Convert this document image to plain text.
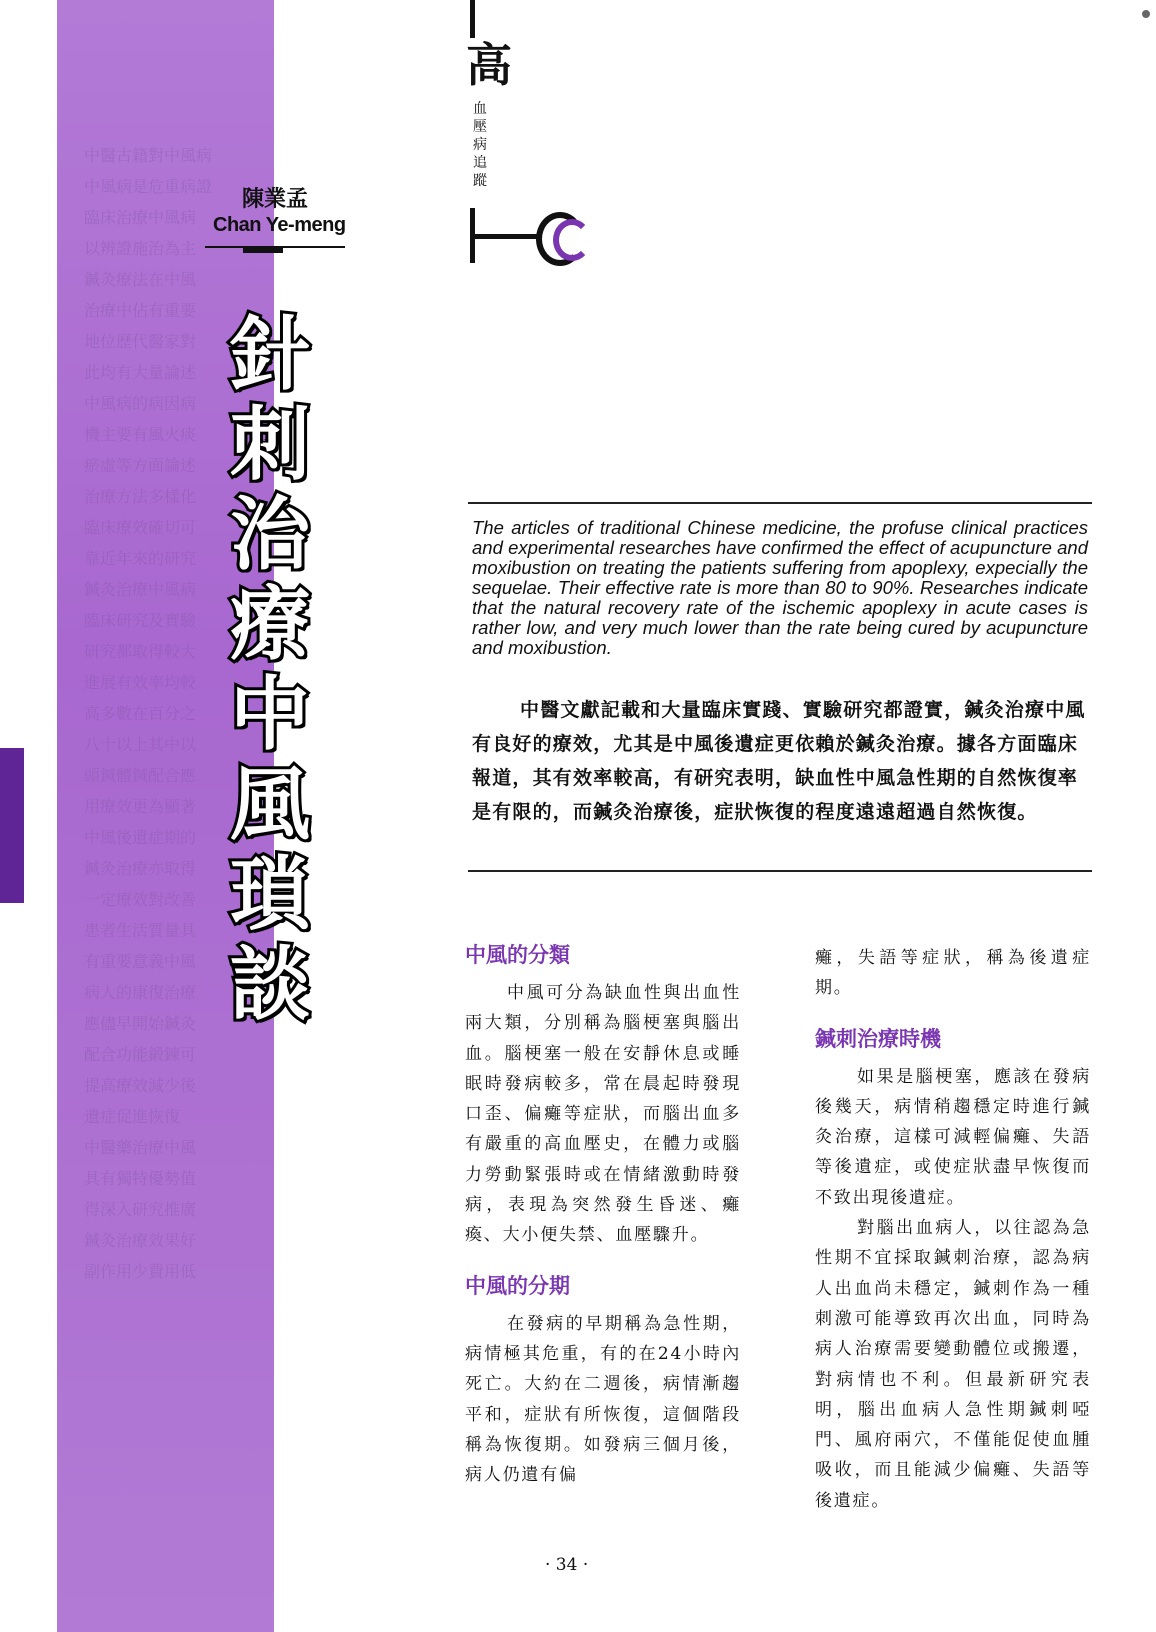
中醫古籍對中風病
中風病是危重病證
臨床治療中風病
以辨證施治為主
鍼灸療法在中風
治療中佔有重要
地位歷代醫家對
此均有大量論述
中風病的病因病
機主要有風火痰
瘀虛等方面論述
治療方法多樣化
臨床療效確切可
靠近年來的研究
鍼灸治療中風病
臨床研究及實驗
研究都取得較大
進展有效率均較
高多數在百分之
八十以上其中以
頭鍼體鍼配合應
用療效更為顯著
中風後遺症期的
鍼灸治療亦取得
一定療效對改善
患者生活質量具
有重要意義中風
病人的康復治療
應儘早開始鍼灸
配合功能鍛鍊可
提高療效減少後
遺症促進恢復
中醫藥治療中風
具有獨特優勢值
得深入研究推廣
鍼灸治療效果好
副作用少費用低
陳業孟
Chan Ye-meng
針
刺
治
療
中
風
瑣
談
高
血壓病追蹤

The articles of traditional Chinese medicine, the profuse clinical practices and experimental researches have confirmed the effect of acupuncture and moxibustion on treating the patients suffering from apoplexy, expecially the sequelae. Their effective rate is more than 80 to 90%. Researches indicate that the natural recovery rate of the ischemic apoplexy in acute cases is rather low, and very much lower than the rate being cured by acupuncture and moxibustion.

中醫文獻記載和大量臨床實踐、實驗研究都證實，鍼灸治療中風有良好的療效，尤其是中風後遺症更依賴於鍼灸治療。據各方面臨床報道，其有效率較高，有研究表明，缺血性中風急性期的自然恢復率是有限的，而鍼灸治療後，症狀恢復的程度遠遠超過自然恢復。

中風的分類

中風可分為缺血性與出血性兩大類，分別稱為腦梗塞與腦出血。腦梗塞一般在安靜休息或睡眠時發病較多，常在晨起時發現口歪、偏癱等症狀，而腦出血多有嚴重的高血壓史，在體力或腦力勞動緊張時或在情緒激動時發病，表現為突然發生昏迷、癱瘓、大小便失禁、血壓驟升。

中風的分期

在發病的早期稱為急性期，病情極其危重，有的在24小時內死亡。大約在二週後，病情漸趨平和，症狀有所恢復，這個階段稱為恢復期。如發病三個月後，病人仍遺有偏

癱，失語等症狀，稱為後遺症期。

鍼刺治療時機

如果是腦梗塞，應該在發病後幾天，病情稍趨穩定時進行鍼灸治療，這樣可減輕偏癱、失語等後遺症，或使症狀盡早恢復而不致出現後遺症。

對腦出血病人，以往認為急性期不宜採取鍼刺治療，認為病人出血尚未穩定，鍼刺作為一種刺激可能導致再次出血，同時為病人治療需要變動體位或搬遷，對病情也不利。但最新研究表明，腦出血病人急性期鍼刺啞門、風府兩穴，不僅能促使血腫吸收，而且能減少偏癱、失語等後遺症。

· 34 ·
